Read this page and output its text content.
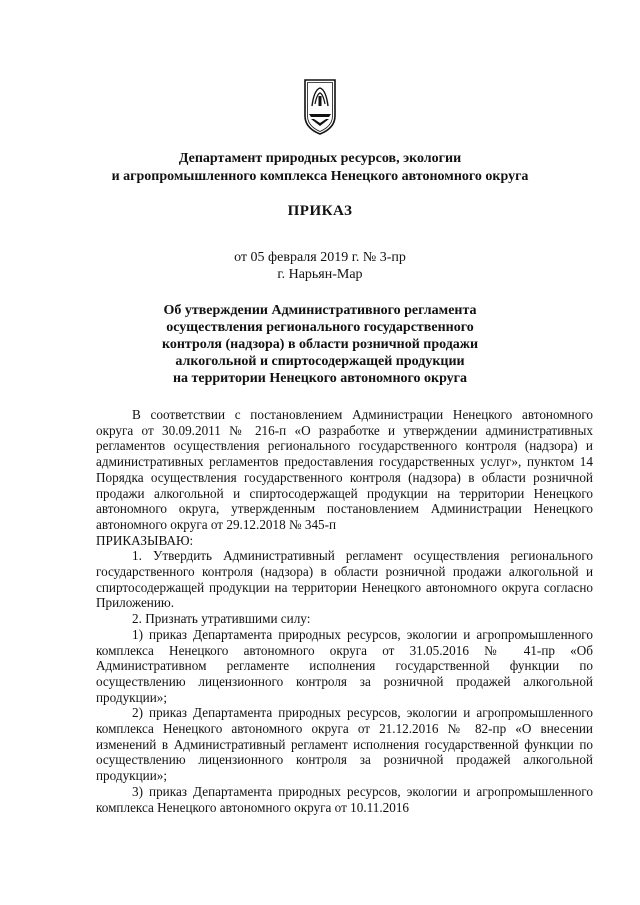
Департамент природных ресурсов, экологии
и агропромышленного комплекса Ненецкого автономного округа
ПРИКАЗ
от 05 февраля 2019 г. № 3-пр
г. Нарьян-Мар
Об утверждении Административного регламента
осуществления регионального государственного
контроля (надзора) в области розничной продажи
алкогольной и спиртосодержащей продукции
на территории Ненецкого автономного округа

В соответствии с постановлением Администрации Ненецкого автономного округа от 30.09.2011 № 216-п «О разработке и утверждении административных регламентов осуществления регионального государственного контроля (надзора) и административных регламентов предоставления государственных услуг», пунктом 14 Порядка осуществления государственного контроля (надзора) в области розничной продажи алкогольной и спиртосодержащей продукции на территории Ненецкого автономного округа, утвержденным постановлением Администрации Ненецкого автономного округа от 29.12.2018 № 345-п

ПРИКАЗЫВАЮ:

1. Утвердить Административный регламент осуществления регионального государственного контроля (надзора) в области розничной продажи алкогольной и спиртосодержащей продукции на территории Ненецкого автономного округа согласно Приложению.

2. Признать утратившими силу:

1) приказ Департамента природных ресурсов, экологии и агропромышленного комплекса Ненецкого автономного округа от 31.05.2016 № 41-пр «Об Административном регламенте исполнения государственной функции по осуществлению лицензионного контроля за розничной продажей алкогольной продукции»;

2) приказ Департамента природных ресурсов, экологии и агропромышленного комплекса Ненецкого автономного округа от 21.12.2016 № 82-пр «О внесении изменений в Административный регламент исполнения государственной функции по осуществлению лицензионного контроля за розничной продажей алкогольной продукции»;

3) приказ Департамента природных ресурсов, экологии и агропромышленного комплекса Ненецкого автономного округа от 10.11.2016
